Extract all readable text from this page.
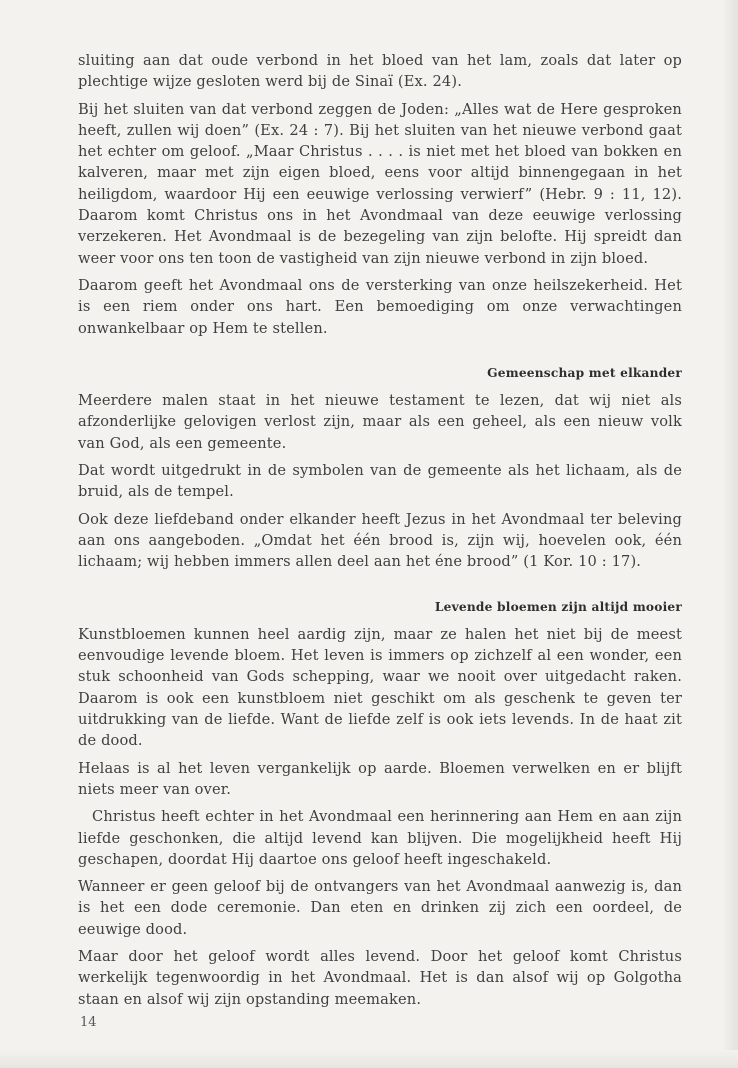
sluiting aan dat oude verbond in het bloed van het lam, zoals dat later op plechtige wijze gesloten werd bij de Sinaï (Ex. 24).

Bij het sluiten van dat verbond zeggen de Joden: „Alles wat de Here gesproken heeft, zullen wij doen” (Ex. 24 : 7). Bij het sluiten van het nieuwe verbond gaat het echter om geloof. „Maar Christus . . . . is niet met het bloed van bokken en kalveren, maar met zijn eigen bloed, eens voor altijd binnengegaan in het heiligdom, waardoor Hij een eeuwige verlossing verwierf” (Hebr. 9 : 11, 12). Daarom komt Christus ons in het Avondmaal van deze eeuwige verlossing verzekeren. Het Avondmaal is de bezegeling van zijn belofte. Hij spreidt dan weer voor ons ten toon de vastigheid van zijn nieuwe verbond in zijn bloed.

Daarom geeft het Avondmaal ons de versterking van onze heilszekerheid. Het is een riem onder ons hart. Een bemoediging om onze verwachtingen onwankelbaar op Hem te stellen.

Gemeenschap met elkander

Meerdere malen staat in het nieuwe testament te lezen, dat wij niet als afzonderlijke gelovigen verlost zijn, maar als een geheel, als een nieuw volk van God, als een gemeente.

Dat wordt uitgedrukt in de symbolen van de gemeente als het lichaam, als de bruid, als de tempel.

Ook deze liefdeband onder elkander heeft Jezus in het Avondmaal ter beleving aan ons aangeboden. „Omdat het één brood is, zijn wij, hoevelen ook, één lichaam; wij hebben immers allen deel aan het éne brood” (1 Kor. 10 : 17).

Levende bloemen zijn altijd mooier

Kunstbloemen kunnen heel aardig zijn, maar ze halen het niet bij de meest eenvoudige levende bloem. Het leven is immers op zichzelf al een wonder, een stuk schoonheid van Gods schepping, waar we nooit over uitgedacht raken. Daarom is ook een kunstbloem niet geschikt om als geschenk te geven ter uitdrukking van de liefde. Want de liefde zelf is ook iets levends. In de haat zit de dood.

Helaas is al het leven vergankelijk op aarde. Bloemen verwelken en er blijft niets meer van over.

Christus heeft echter in het Avondmaal een herinnering aan Hem en aan zijn liefde geschonken, die altijd levend kan blijven. Die mogelijkheid heeft Hij geschapen, doordat Hij daartoe ons geloof heeft ingeschakeld.

Wanneer er geen geloof bij de ontvangers van het Avondmaal aanwezig is, dan is het een dode ceremonie. Dan eten en drinken zij zich een oordeel, de eeuwige dood.

Maar door het geloof wordt alles levend. Door het geloof komt Christus werkelijk tegenwoordig in het Avondmaal. Het is dan alsof wij op Golgotha staan en alsof wij zijn opstanding meemaken.

14
